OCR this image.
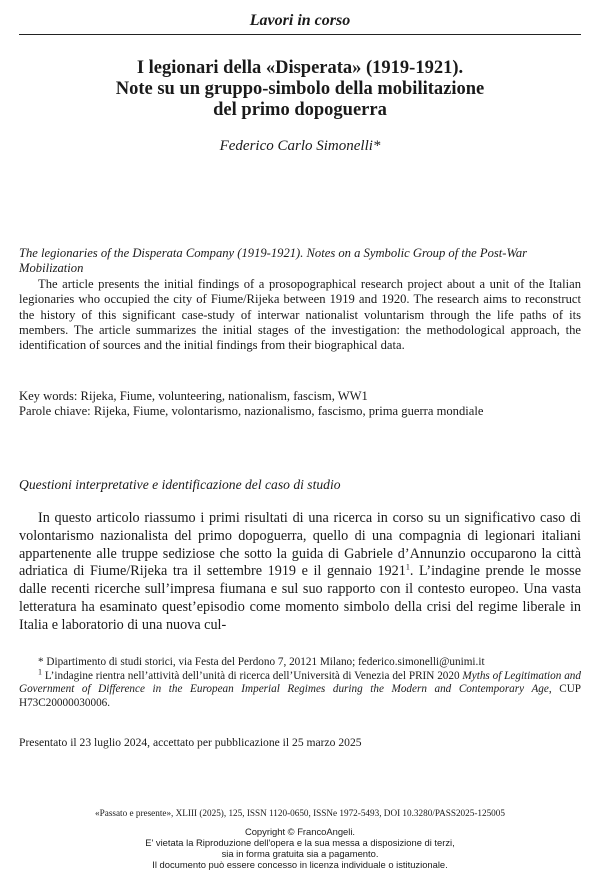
Lavori in corso
I legionari della «Disperata» (1919-1921).
Note su un gruppo-simbolo della mobilitazione
del primo dopoguerra
Federico Carlo Simonelli*
The legionaries of the Disperata Company (1919-1921). Notes on a Symbolic Group of the Post-War Mobilization
The article presents the initial findings of a prosopographical research project about a unit of the Italian legionaries who occupied the city of Fiume/Rijeka between 1919 and 1920. The research aims to reconstruct the history of this significant case-study of interwar nationalist voluntarism through the life paths of its members. The article summarizes the initial stages of the investigation: the methodological approach, the identification of sources and the initial findings from their biographical data.
Key words: Rijeka, Fiume, volunteering, nationalism, fascism, WW1
Parole chiave: Rijeka, Fiume, volontarismo, nazionalismo, fascismo, prima guerra mondiale
Questioni interpretative e identificazione del caso di studio
In questo articolo riassumo i primi risultati di una ricerca in corso su un significativo caso di volontarismo nazionalista del primo dopoguerra, quello di una compagnia di legionari italiani appartenente alle truppe sediziose che sotto la guida di Gabriele d’Annunzio occuparono la città adriatica di Fiume/Rijeka tra il settembre 1919 e il gennaio 1921$^1$. L’indagine prende le mosse dalle recenti ricerche sull’impresa fiumana e sul suo rapporto con il contesto europeo. Una vasta letteratura ha esaminato quest’episodio come momento simbolo della crisi del regime liberale in Italia e laboratorio di una nuova cul-
* Dipartimento di studi storici, via Festa del Perdono 7, 20121 Milano; federico.simonelli@unimi.it
$^1$ L’indagine rientra nell’attività dell’unità di ricerca dell’Università di Venezia del PRIN 2020 Myths of Legitimation and Government of Difference in the European Imperial Regimes during the Modern and Contemporary Age, CUP H73C20000030006.
Presentato il 23 luglio 2024, accettato per pubblicazione il 25 marzo 2025
«Passato e presente», XLIII (2025), 125, ISSN 1120-0650, ISSNe 1972-5493, DOI 10.3280/PASS2025-125005
Copyright © FrancoAngeli.
E' vietata la Riproduzione dell'opera e la sua messa a disposizione di terzi,
sia in forma gratuita sia a pagamento.
Il documento può essere concesso in licenza individuale o istituzionale.
